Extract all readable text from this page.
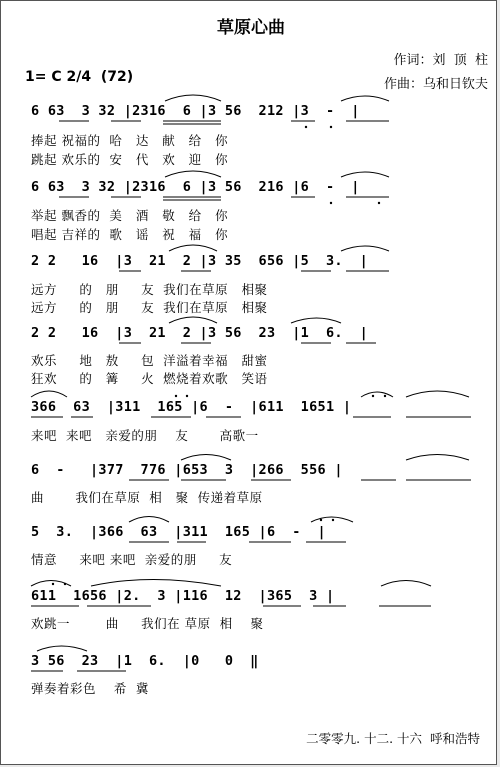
草原心曲
作词：刘  顶  柱
作曲：乌和日钦夫
1= C 2/4  (72)
6 63  3 32 |2316  6 |3 56  212 |3  -  |
捧起 祝福的  哈   达   献   给   你
跳起 欢乐的  安   代   欢   迎   你
6 63  3 32 |2316  6 |3 56  216 |6  -  |
举起 飘香的  美   酒   敬   给   你
唱起 吉祥的  歌   谣   祝   福   你
2 2   16  |3  21  2 |3 35  656 |5  3.  |
远方     的   朋     友  我们在草原   相聚
远方     的   朋     友  我们在草原   相聚
2 2   16  |3  21  2 |3 56  23  |1  6.  |
欢乐     地   敖     包  洋溢着幸福   甜蜜
狂欢     的   篝     火  燃烧着欢歌   笑语
366  63  |311  165 |6  -  |611  1651 |
来吧  来吧   亲爱的朋    友       高歌一
6  -   |377  776 |653  3  |266  556 |
曲       我们在草原  相   聚  传递着草原
5  3.  |366  63  |311  165 |6  -  |
情意     来吧 来吧  亲爱的朋     友
611  1656 |2.  3 |116  12  |365  3 |
欢跳一        曲     我们在 草原  相    聚
3 56  23  |1  6.  |0   0  ‖
弹奏着彩色    希  冀
二零零九. 十二. 十六  呼和浩特
